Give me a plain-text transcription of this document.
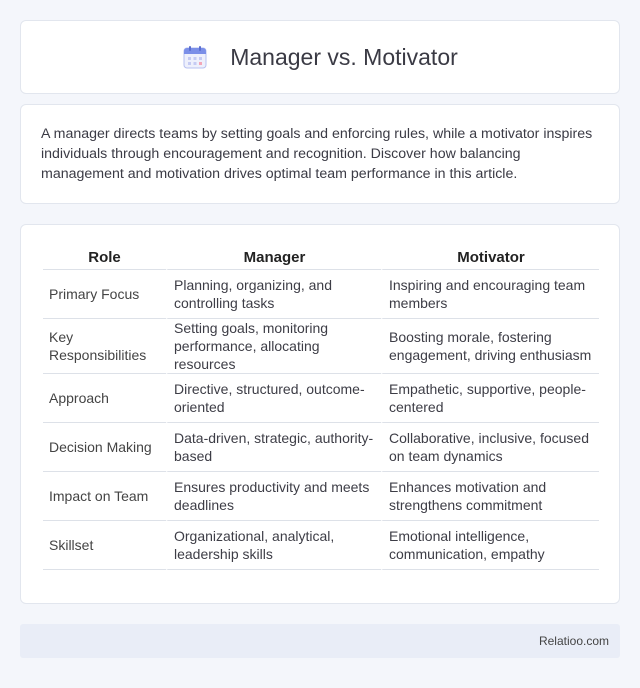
Manager vs. Motivator

A manager directs teams by setting goals and enforcing rules, while a motivator inspires individuals through encouragement and recognition. Discover how balancing management and motivation drives optimal team performance in this article.

Role	Manager	Motivator
Primary Focus	Planning, organizing, and controlling tasks	Inspiring and encouraging team members
Key Responsibilities	Setting goals, monitoring performance, allocating resources	Boosting morale, fostering engagement, driving enthusiasm
Approach	Directive, structured, outcome-oriented	Empathetic, supportive, people-centered
Decision Making	Data-driven, strategic, authority-based	Collaborative, inclusive, focused on team dynamics
Impact on Team	Ensures productivity and meets deadlines	Enhances motivation and strengthens commitment
Skillset	Organizational, analytical, leadership skills	Emotional intelligence, communication, empathy
Relatioo.com
